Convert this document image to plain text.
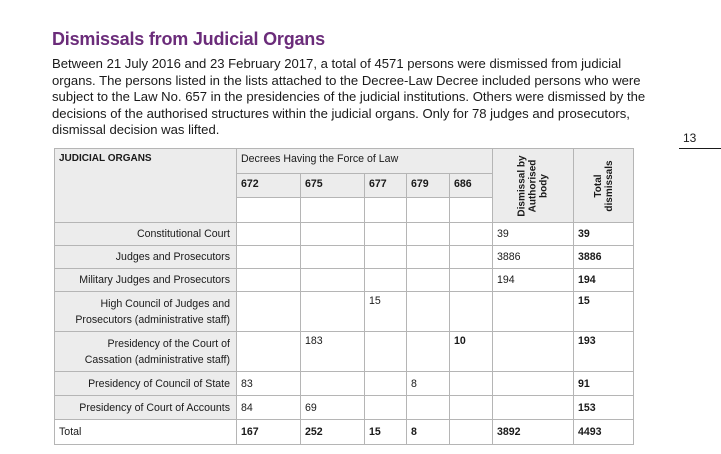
Dismissals from Judicial Organs
Between 21 July 2016 and 23 February 2017, a total of 4571 persons were dismissed from judicial organs. The persons listed in the lists attached to the Decree-Law Decree included persons who were subject to the Law No. 657 in the presidencies of the judicial institutions. Others were dismissed by the decisions of the authorised structures within the judicial organs. Only for 78 judges and prosecutors, dismissal decision was lifted.
13
JUDICIAL ORGANS	Decrees Having the Force of Law					Dismissal by Authorised body	Total dismissals

	672	675	677	679	686		

Constitutional Court						39	39
Judges and Prosecutors						3886	3886
Military Judges and Prosecutors						194	194
High Council of Judges and Prosecutors (administrative staff)			15				15
Presidency of the Court of Cassation (administrative staff)		183			10		193
Presidency of Council of State	83			8			91
Presidency of Court of Accounts	84	69					153
Total	167	252	15	8		3892	4493
